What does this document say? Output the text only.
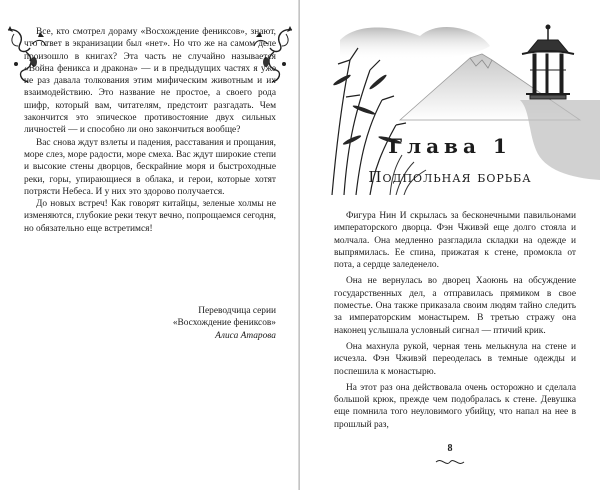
Все, кто смотрел дораму «Восхождение фениксов», знают, что ответ в экранизации был «нет». Но что же на самом деле произошло в книгах? Эта часть не случайно называется «Война феникса и дракона» — и в предыдущих частях я уже не раз давала толкования этим мифическим животным и их взаимодействию. Это название не простое, а своего рода шифр, который вам, читателям, предстоит разгадать. Чем закончится это эпическое противостояние двух сильных личностей — и способно ли оно закончиться вообще?

Вас снова ждут взлеты и падения, расставания и прощания, море слез, море радости, море смеха. Вас ждут широкие степи и высокие стены дворцов, бескрайние моря и быстроходные реки, горы, упирающиеся в облака, и герои, которые хотят потрясти Небеса. И у них это здорово получается.

До новых встреч! Как говорят китайцы, зеленые холмы не изменяются, глубокие реки текут вечно, попрощаемся сегодня, но обязательно еще встретимся!

Переводчица серии
«Восхождение фениксов»
Алиса Атарова
Глава 1
Подпольная борьба

Фигура Нин И скрылась за бесконечными павильонами императорского дворца. Фэн Чживэй еще долго стояла и молчала. Она медленно разгладила складки на одежде и выпрямилась. Ее спина, прижатая к стене, промокла от пота, а сердце заледенело.

Она не вернулась во дворец Хаоюнь на обсуждение государственных дел, а отправилась прямиком в свое поместье. Она также приказала своим людям тайно следить за императорским монастырем. В третью стражу она наконец услышала условный сигнал — птичий крик.

Она махнула рукой, черная тень мелькнула на стене и исчезла. Фэн Чживэй переоделась в темные одежды и поспешила к монастырю.

На этот раз она действовала очень осторожно и сделала большой крюк, прежде чем подобралась к стене. Девушка еще помнила того неуловимого убийцу, что напал на нее в прошлый раз,

8
